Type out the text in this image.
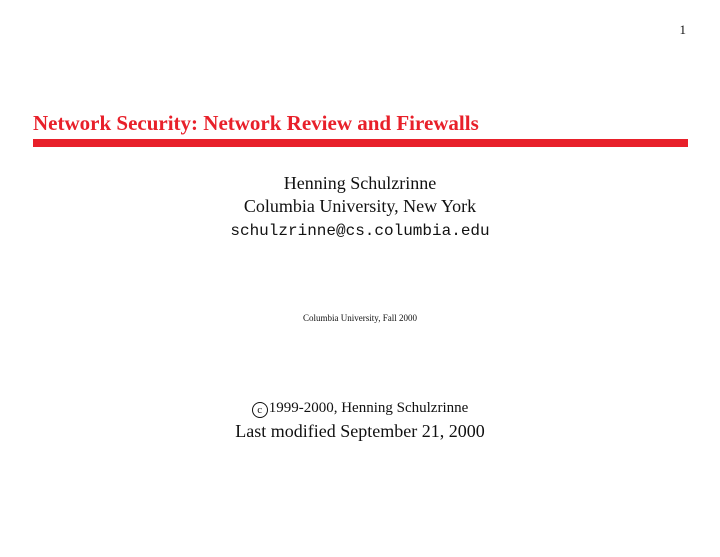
1
Network Security: Network Review and Firewalls
Henning Schulzrinne
Columbia University, New York
schulzrinne@cs.columbia.edu
Columbia University, Fall 2000
c 1999-2000, Henning Schulzrinne
Last modified September 21, 2000
